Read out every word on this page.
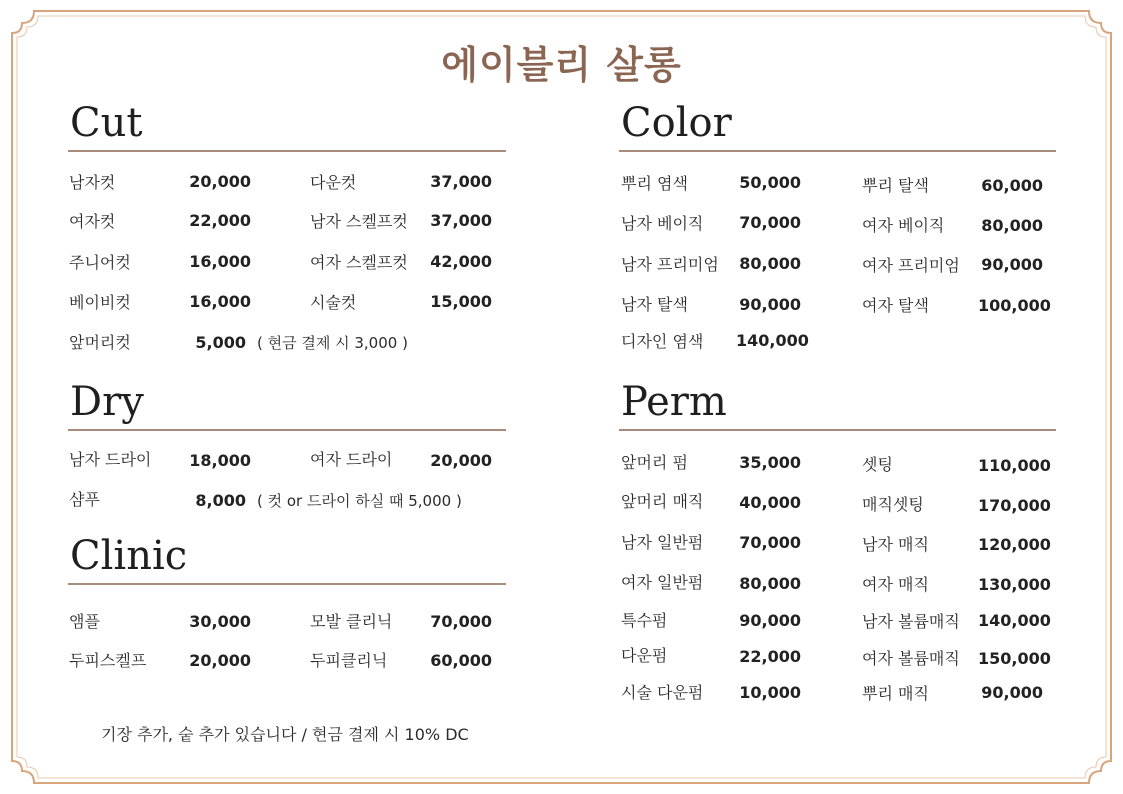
에이블리 살롱
Cut
남자컷	20,000	다운컷	37,000
여자컷	22,000	남자 스켈프컷	37,000
주니어컷	16,000	여자 스켈프컷	42,000
베이비컷	16,000	시술컷	15,000
앞머리컷	5,000 ( 현금 결제 시 3,000 )
Dry
남자 드라이	18,000	여자 드라이	20,000
샴푸	8,000 ( 컷 or 드라이 하실 때 5,000 )
Clinic
앰플	30,000	모발 클리닉	70,000
두피스켈프	20,000	두피클리닉	60,000
Color
뿌리 염색	50,000	뿌리 탈색	60,000
남자 베이직	70,000	여자 베이직	80,000
남자 프리미엄	80,000	여자 프리미엄	90,000
남자 탈색	90,000	여자 탈색	100,000
디자인 염색 140,000
Perm
앞머리 펌	35,000	셋팅	110,000
앞머리 매직	40,000	매직셋팅	170,000
남자 일반펌	70,000	남자 매직	120,000
여자 일반펌	80,000	여자 매직	130,000
특수펌	90,000	남자 볼륨매직 140,000
다운펌	22,000	여자 볼륨매직 150,000
시술 다운펌	10,000	뿌리 매직	90,000
기장 추가, 숱 추가 있습니다 / 현금 결제 시 10% DC
